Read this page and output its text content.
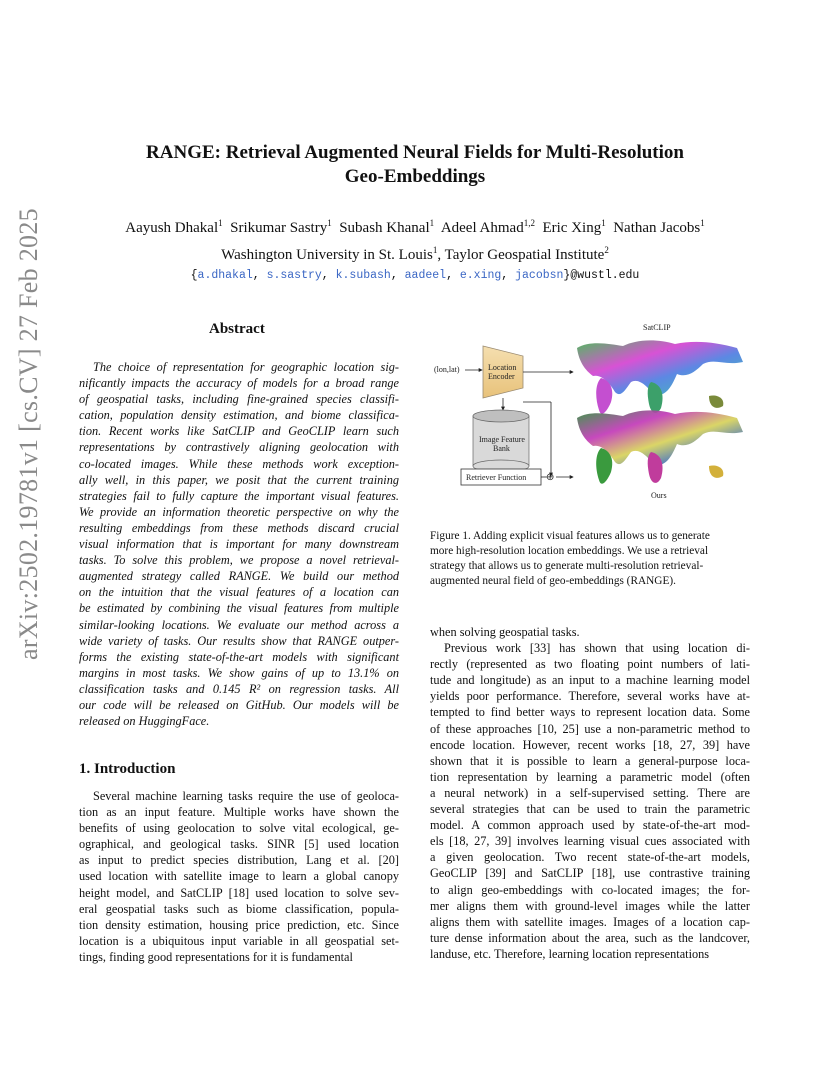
arXiv:2502.19781v1 [cs.CV] 27 Feb 2025
RANGE: Retrieval Augmented Neural Fields for Multi-Resolution
Geo-Embeddings
Aayush Dhakal$^1$ Srikumar Sastry$^1$ Subash Khanal$^1$ Adeel Ahmad$^{1,2}$ Eric Xing$^1$ Nathan Jacobs$^1$
Washington University in St. Louis$^1$, Taylor Geospatial Institute$^2$
{a.dhakal, s.sastry, k.subash, aadeel, e.xing, jacobsn}@wustl.edu
Abstract
The choice of representation for geographic location sig-
nificantly impacts the accuracy of models for a broad range
of geospatial tasks, including fine-grained species classifi-
cation, population density estimation, and biome classifica-
tion. Recent works like SatCLIP and GeoCLIP learn such
representations by contrastively aligning geolocation with
co-located images. While these methods work exception-
ally well, in this paper, we posit that the current training
strategies fail to fully capture the important visual features.
We provide an information theoretic perspective on why the
resulting embeddings from these methods discard crucial
visual information that is important for many downstream
tasks. To solve this problem, we propose a novel retrieval-
augmented strategy called RANGE. We build our method
on the intuition that the visual features of a location can
be estimated by combining the visual features from multiple
similar-looking locations. We evaluate our method across a
wide variety of tasks. Our results show that RANGE outper-
forms the existing state-of-the-art models with significant
margins in most tasks. We show gains of up to 13.1% on
classification tasks and 0.145 R² on regression tasks. All
our code will be released on GitHub. Our models will be
released on HuggingFace.
1. Introduction
Several machine learning tasks require the use of geoloca-
tion as an input feature. Multiple works have shown the
benefits of using geolocation to solve vital ecological, ge-
ographical, and geological tasks. SINR [5] used location
as input to predict species distribution, Lang et al. [20]
used location with satellite image to learn a global canopy
height model, and SatCLIP [18] used location to solve sev-
eral geospatial tasks such as biome classification, popula-
tion density estimation, housing price prediction, etc. Since
location is a ubiquitous input variable in all geospatial set-
tings, finding good representations for it is fundamental
(lon,lat)	Location
Encoder
Image Feature
Bank
Retriever Function ⊕
SatCLIP
Ours
Figure 1. Adding explicit visual features allows us to generate
more high-resolution location embeddings. We use a retrieval
strategy that allows us to generate multi-resolution retrieval-
augmented neural field of geo-embeddings (RANGE).
when solving geospatial tasks.
Previous work [33] has shown that using location di-
rectly (represented as two floating point numbers of lati-
tude and longitude) as an input to a machine learning model
yields poor performance. Therefore, several works have at-
tempted to find better ways to represent location data. Some
of these approaches [10, 25] use a non-parametric method to
encode location. However, recent works [18, 27, 39] have
shown that it is possible to learn a general-purpose loca-
tion representation by learning a parametric model (often
a neural network) in a self-supervised setting. There are
several strategies that can be used to train the parametric
model. A common approach used by state-of-the-art mod-
els [18, 27, 39] involves learning visual cues associated with
a given geolocation. Two recent state-of-the-art models,
GeoCLIP [39] and SatCLIP [18], use contrastive training
to align geo-embeddings with co-located images; the for-
mer aligns them with ground-level images while the latter
aligns them with satellite images. Images of a location cap-
ture dense information about the area, such as the landcover,
landuse, etc. Therefore, learning location representations
